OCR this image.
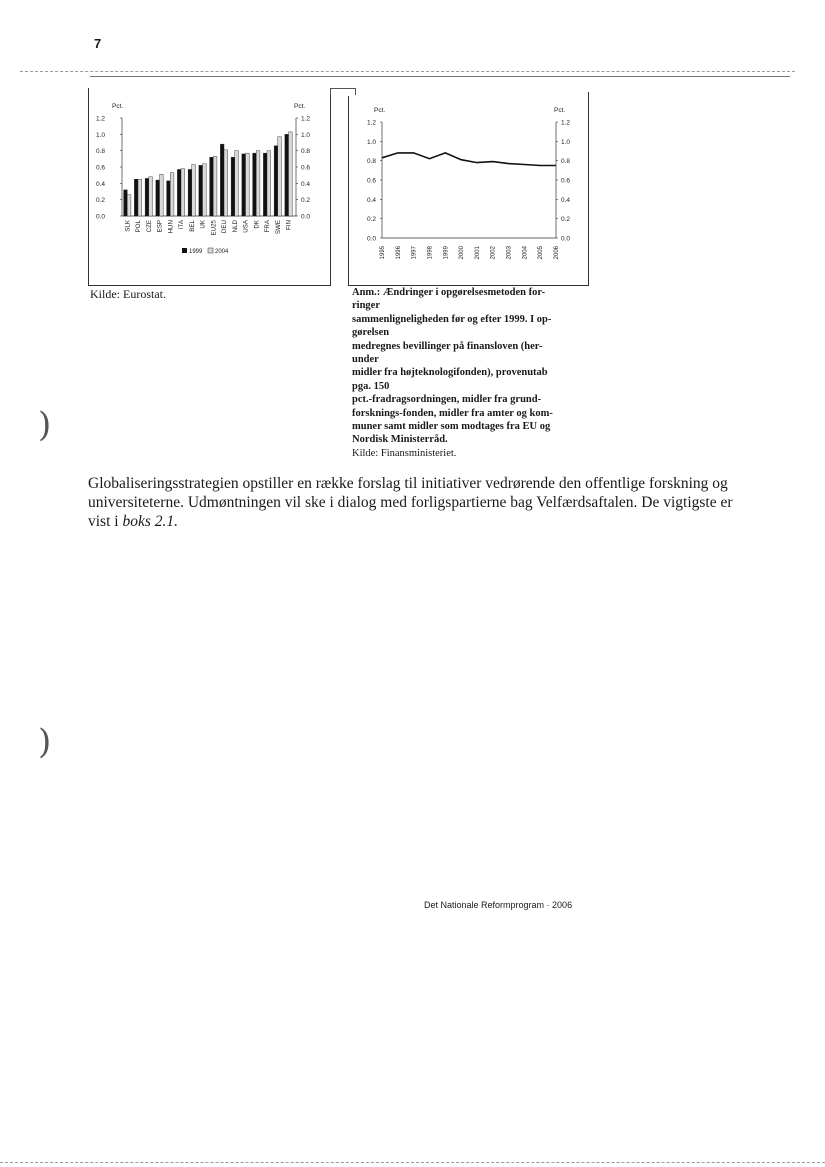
7
Pct.	Pct.
0.0	0.0
0.2	0.2
0.4	0.4
0.6	0.6
0.8	0.8
1.0	1.0
1.2	1.2
SLK POL CZE ESP HUN ITA BEL UK EU25 DEU NLD USA DK FRA SWE FIN
1999 2004
Pct.	Pct.
0.0	0.0
0.2	0.2
0.4	0.4
0.6	0.6
0.8	0.8
1.0	1.0
1.2	1.2
1995 1996 1997 1998 1999 2000 2001 2002 2003 2004 2005 2006
Kilde: Eurostat.	Anm.: Ændringer i opgørelsesmetoden for-
ringer
sammenligneligheden før og efter 1999. I op-
gørelsen
medregnes bevillinger på finansloven (her-
under
midler fra højteknologifonden), provenutab
pga. 150
pct.-fradragsordningen, midler fra grund-
forsknings-fonden, midler fra amter og kom-
muner samt midler som modtages fra EU og
Nordisk Ministerråd.
Kilde: Finansministeriet.
Globaliseringsstrategien opstiller en række forslag til initiativer vedrørende den offentlige forskning og universiteterne. Udmøntningen vil ske i dialog med forligspartierne bag Velfærdsaftalen. De vigtigste er vist i boks 2.1.
Det Nationale Reformprogram · 2006
)
)
